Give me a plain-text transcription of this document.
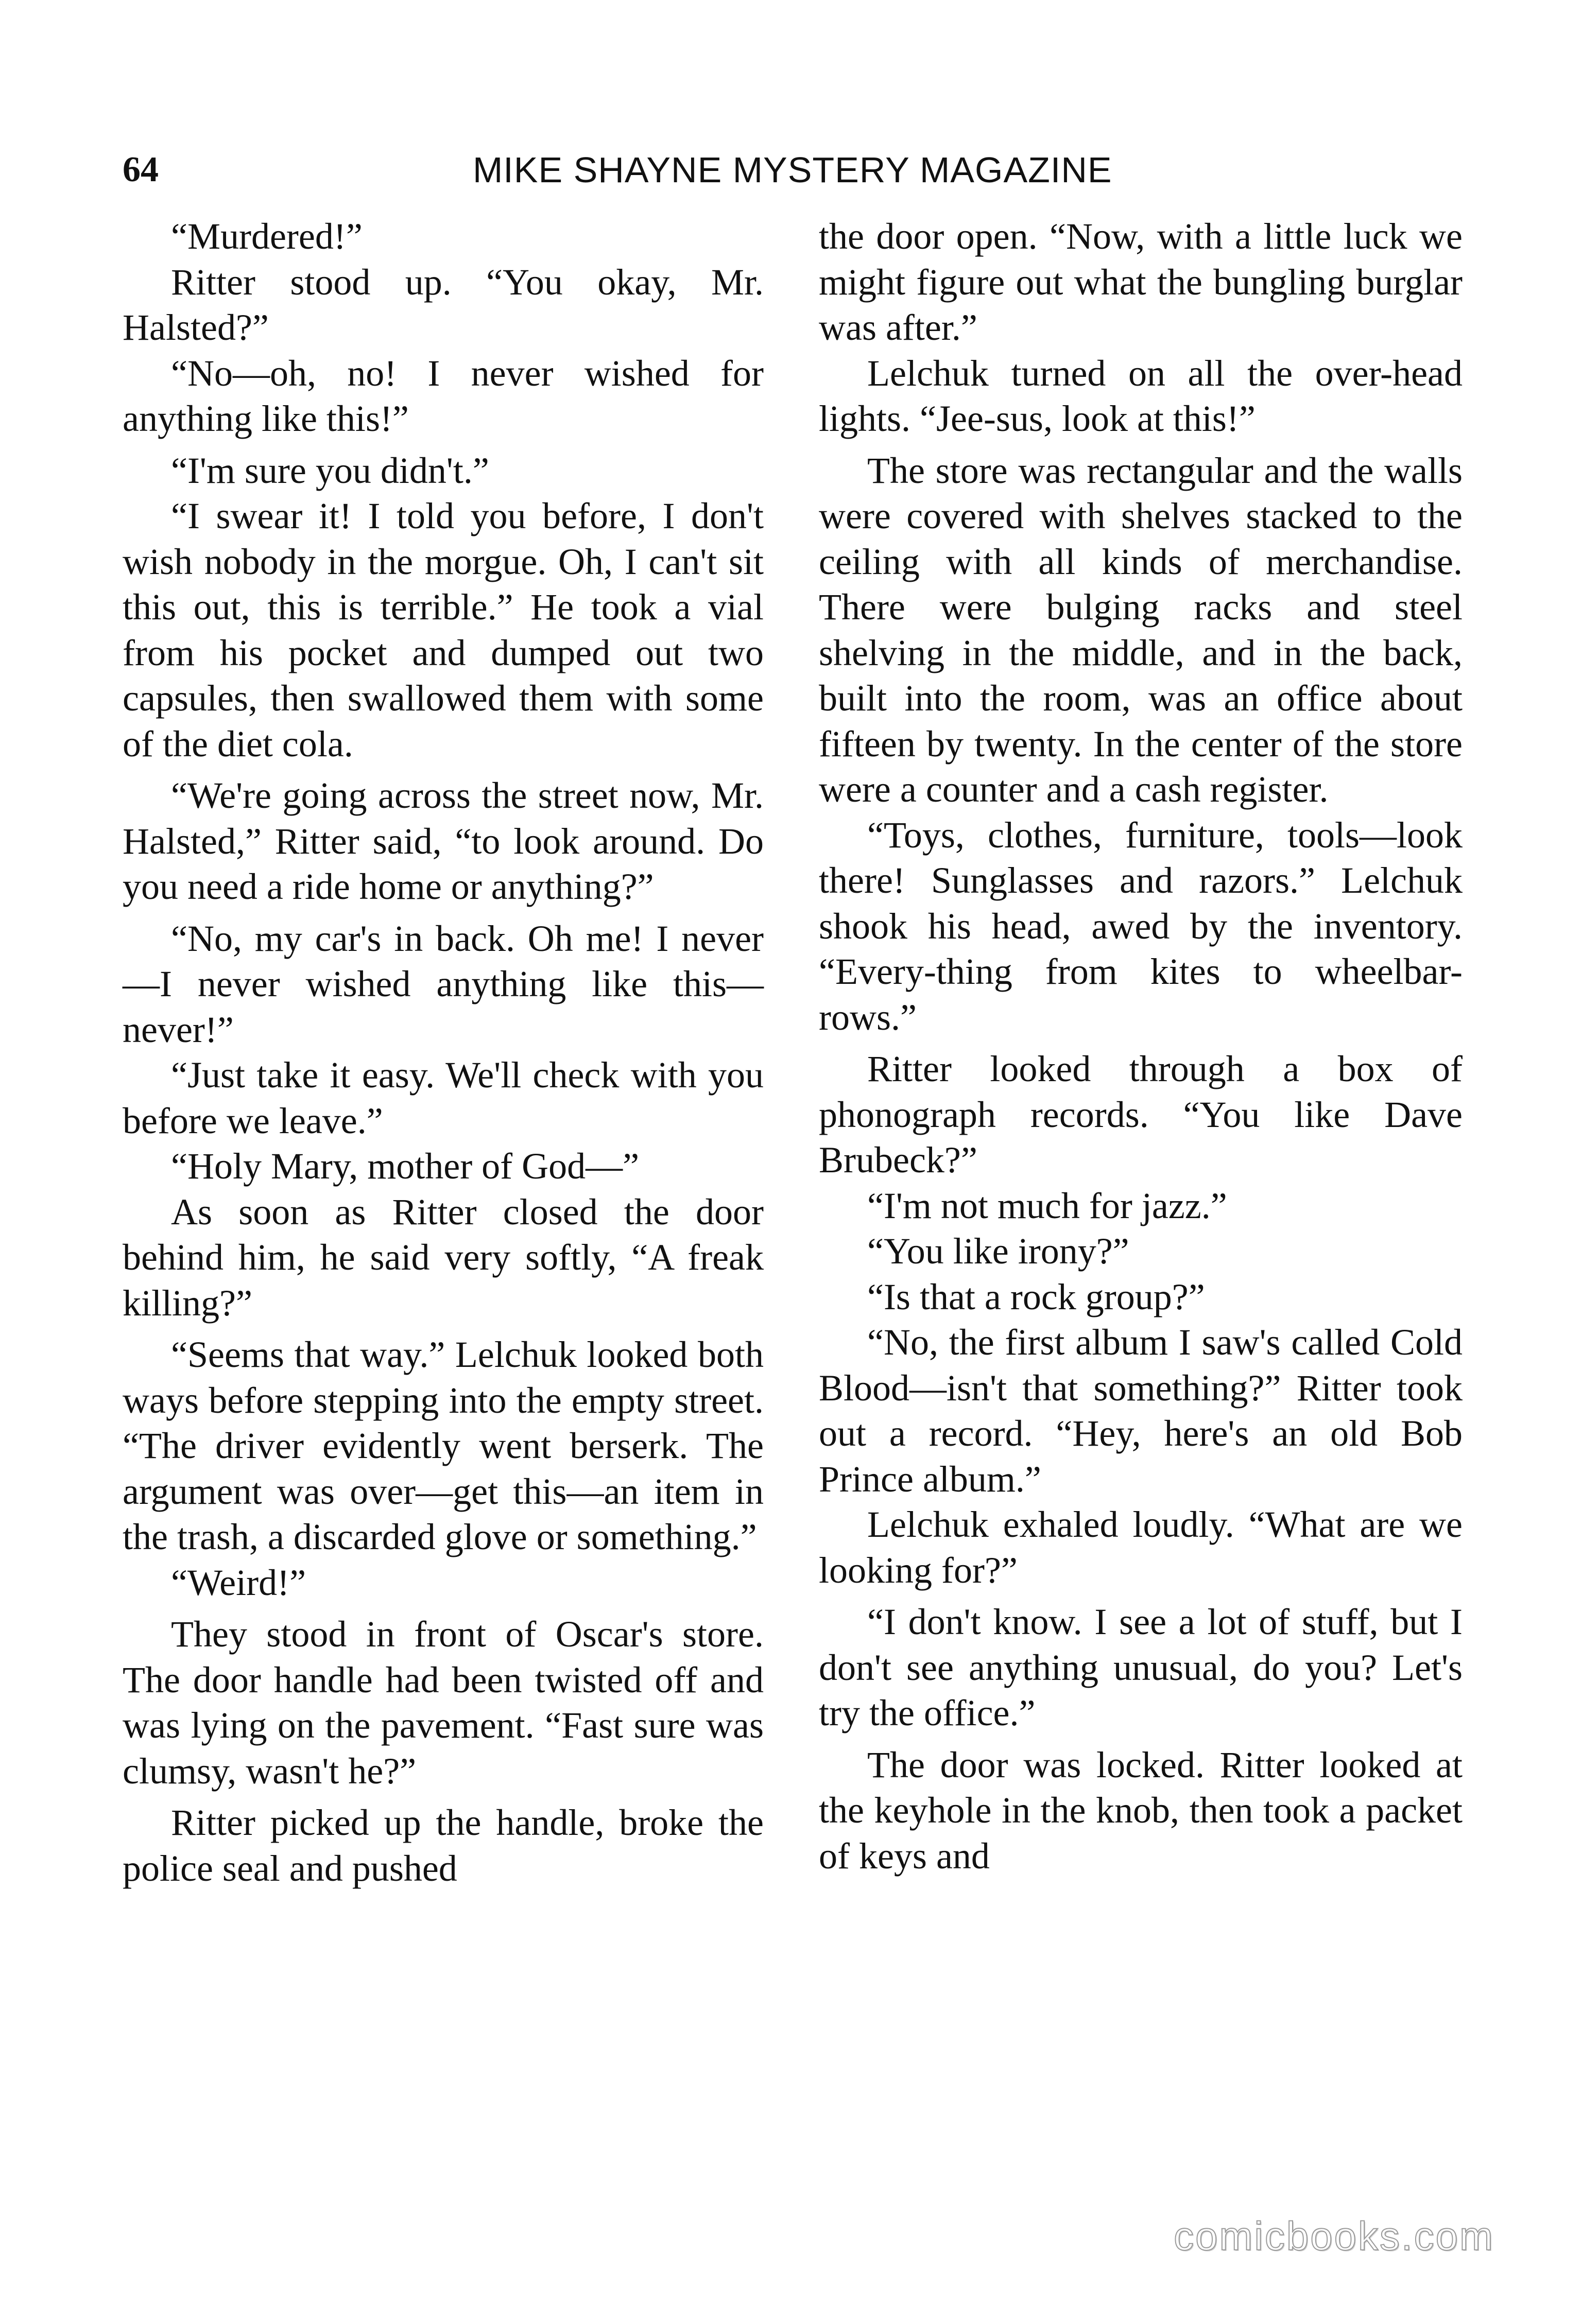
64	MIKE SHAYNE MYSTERY MAGAZINE

“Murdered!”

Ritter stood up. “You okay, Mr. Halsted?”

“No—oh, no! I never wished for anything like this!”

“I'm sure you didn't.”

“I swear it! I told you before, I don't wish nobody in the morgue. Oh, I can't sit this out, this is terrible.” He took a vial from his pocket and dumped out two capsules, then swallowed them with some of the diet cola.

“We're going across the street now, Mr. Halsted,” Ritter said, “to look around. Do you need a ride home or anything?”

“No, my car's in back. Oh me! I never—I never wished anything like this—never!”

“Just take it easy. We'll check with you before we leave.”

“Holy Mary, mother of God—”

As soon as Ritter closed the door behind him, he said very softly, “A freak killing?”

“Seems that way.” Lelchuk looked both ways before stepping into the empty street. “The driver evidently went berserk. The argument was over—get this—an item in the trash, a discarded glove or something.”

“Weird!”

They stood in front of Oscar's store. The door handle had been twisted off and was lying on the pavement. “Fast sure was clumsy, wasn't he?”

Ritter picked up the handle, broke the police seal and pushed

the door open. “Now, with a little luck we might figure out what the bungling burglar was after.”

Lelchuk turned on all the over-head lights. “Jee-sus, look at this!”

The store was rectangular and the walls were covered with shelves stacked to the ceiling with all kinds of merchandise. There were bulging racks and steel shelving in the middle, and in the back, built into the room, was an office about fifteen by twenty. In the center of the store were a counter and a cash register.

“Toys, clothes, furniture, tools—look there! Sunglasses and razors.” Lelchuk shook his head, awed by the inventory. “Every-thing from kites to wheelbar-rows.”

Ritter looked through a box of phonograph records. “You like Dave Brubeck?”

“I'm not much for jazz.”

“You like irony?”

“Is that a rock group?”

“No, the first album I saw's called Cold Blood—isn't that something?” Ritter took out a record. “Hey, here's an old Bob Prince album.”

Lelchuk exhaled loudly. “What are we looking for?”

“I don't know. I see a lot of stuff, but I don't see anything unusual, do you? Let's try the office.”

The door was locked. Ritter looked at the keyhole in the knob, then took a packet of keys and

comicbooks.com
